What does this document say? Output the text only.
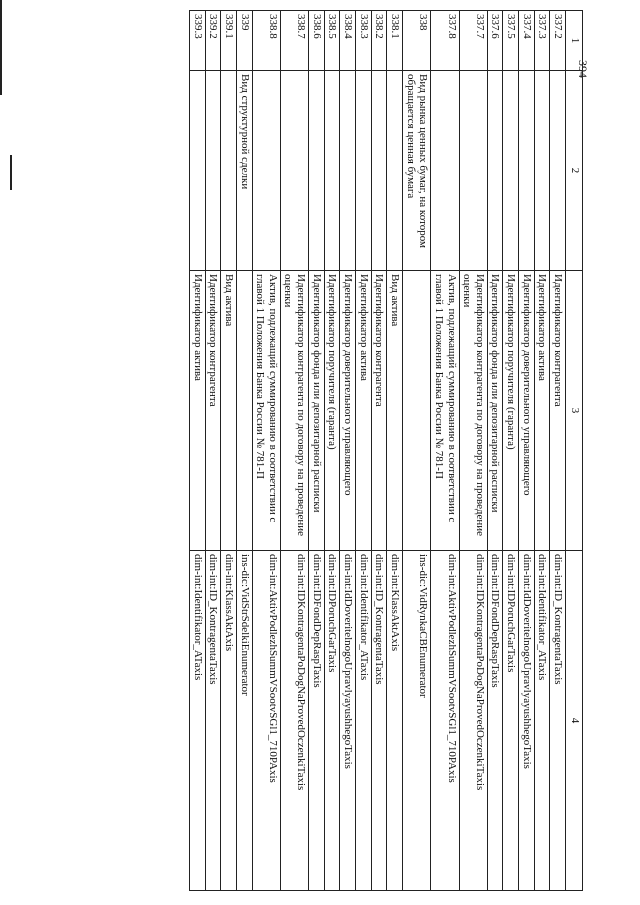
394
1	2	3	4
337.2		Идентификатор контрагента	dim-int:ID_KontragentaTaxis
337.3		Идентификатор актива	dim-int:Identifikator_ATaxis
337.4		Идентификатор доверительного управляющего	dim-int:IdDoveritelnogoUpravlyayushhegoTaxis
337.5		Идентификатор поручителя (гаранта)	dim-int:IDPoruchGarTaxis
337.6		Идентификатор фонда или депозитарной расписки	dim-int:IDFondDepRaspTaxis
337.7		Идентификатор контрагента по договору на проведение оценки	dim-int:IDKontragentaPoDogNaProvedOczenkiTaxis
337.8		Актив, подлежащий суммированию в соответствии с главой 1 Положения Банка России № 781-П	dim-int:AktivPodlezhSummVSootvSGl1_710PAxis
338	Вид рынка ценных бумаг, на котором обращается ценная бумага		ins-dic:VidRynkaCBEnumerator
338.1		Вид актива	dim-int:KlassAktAxis
338.2		Идентификатор контрагента	dim-int:ID_KontragentaTaxis
338.3		Идентификатор актива	dim-int:Identifikator_ATaxis
338.4		Идентификатор доверительного управляющего	dim-int:IdDoveritelnogoUpravlyayushhegoTaxis
338.5		Идентификатор поручителя (гаранта)	dim-int:IDPoruchGarTaxis
338.6		Идентификатор фонда или депозитарной расписки	dim-int:IDFondDepRaspTaxis
338.7		Идентификатор контрагента по договору на проведение оценки	dim-int:IDKontragentaPoDogNaProvedOczenkiTaxis
338.8		Актив, подлежащий суммированию в соответствии с главой 1 Положения Банка России № 781-П	dim-int:AktivPodlezhSummVSootvSGl1_710PAxis
339	Вид структурной сделки		ins-dic:VidStrSdelkiEnumerator
339.1		Вид актива	dim-int:KlassAktAxis
339.2		Идентификатор контрагента	dim-int:ID_KontragentaTaxis
339.3		Идентификатор актива	dim-int:Identifikator_ATaxis
